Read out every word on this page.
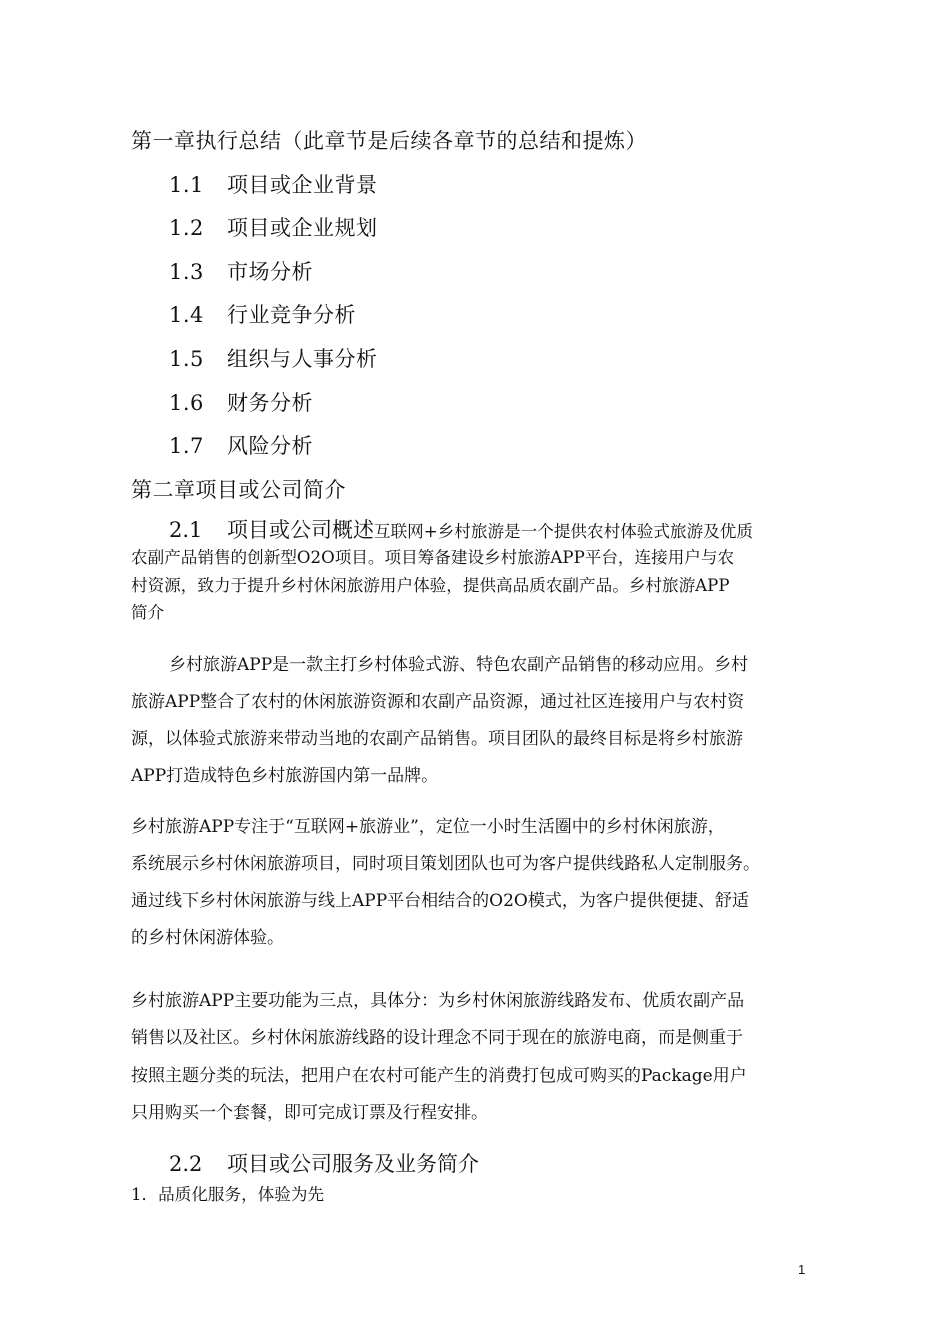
第一章执行总结（此章节是后续各章节的总结和提炼）
1.1 项目或企业背景
1.2 项目或企业规划
1.3 市场分析
1.4 行业竞争分析
1.5 组织与人事分析
1.6 财务分析
1.7 风险分析
第二章项目或公司简介
2.1 项目或公司概述互联网+乡村旅游是一个提供农村体验式旅游及优质
农副产品销售的创新型O2O项目。项目筹备建设乡村旅游APP平台，连接用户与农
村资源，致力于提升乡村休闲旅游用户体验，提供高品质农副产品。乡村旅游APP
简介
乡村旅游APP是一款主打乡村体验式游、特色农副产品销售的移动应用。乡村
旅游APP整合了农村的休闲旅游资源和农副产品资源，通过社区连接用户与农村资
源，以体验式旅游来带动当地的农副产品销售。项目团队的最终目标是将乡村旅游
APP打造成特色乡村旅游国内第一品牌。
乡村旅游APP专注于“互联网+旅游业”，定位一小时生活圈中的乡村休闲旅游，
系统展示乡村休闲旅游项目，同时项目策划团队也可为客户提供线路私人定制服务。
通过线下乡村休闲旅游与线上APP平台相结合的O2O模式，为客户提供便捷、舒适
的乡村休闲游体验。
乡村旅游APP主要功能为三点，具体分：为乡村休闲旅游线路发布、优质农副产品
销售以及社区。乡村休闲旅游线路的设计理念不同于现在的旅游电商，而是侧重于
按照主题分类的玩法，把用户在农村可能产生的消费打包成可购买的Package用户
只用购买一个套餐，即可完成订票及行程安排。
2.2 项目或公司服务及业务简介
1．品质化服务，体验为先
1
